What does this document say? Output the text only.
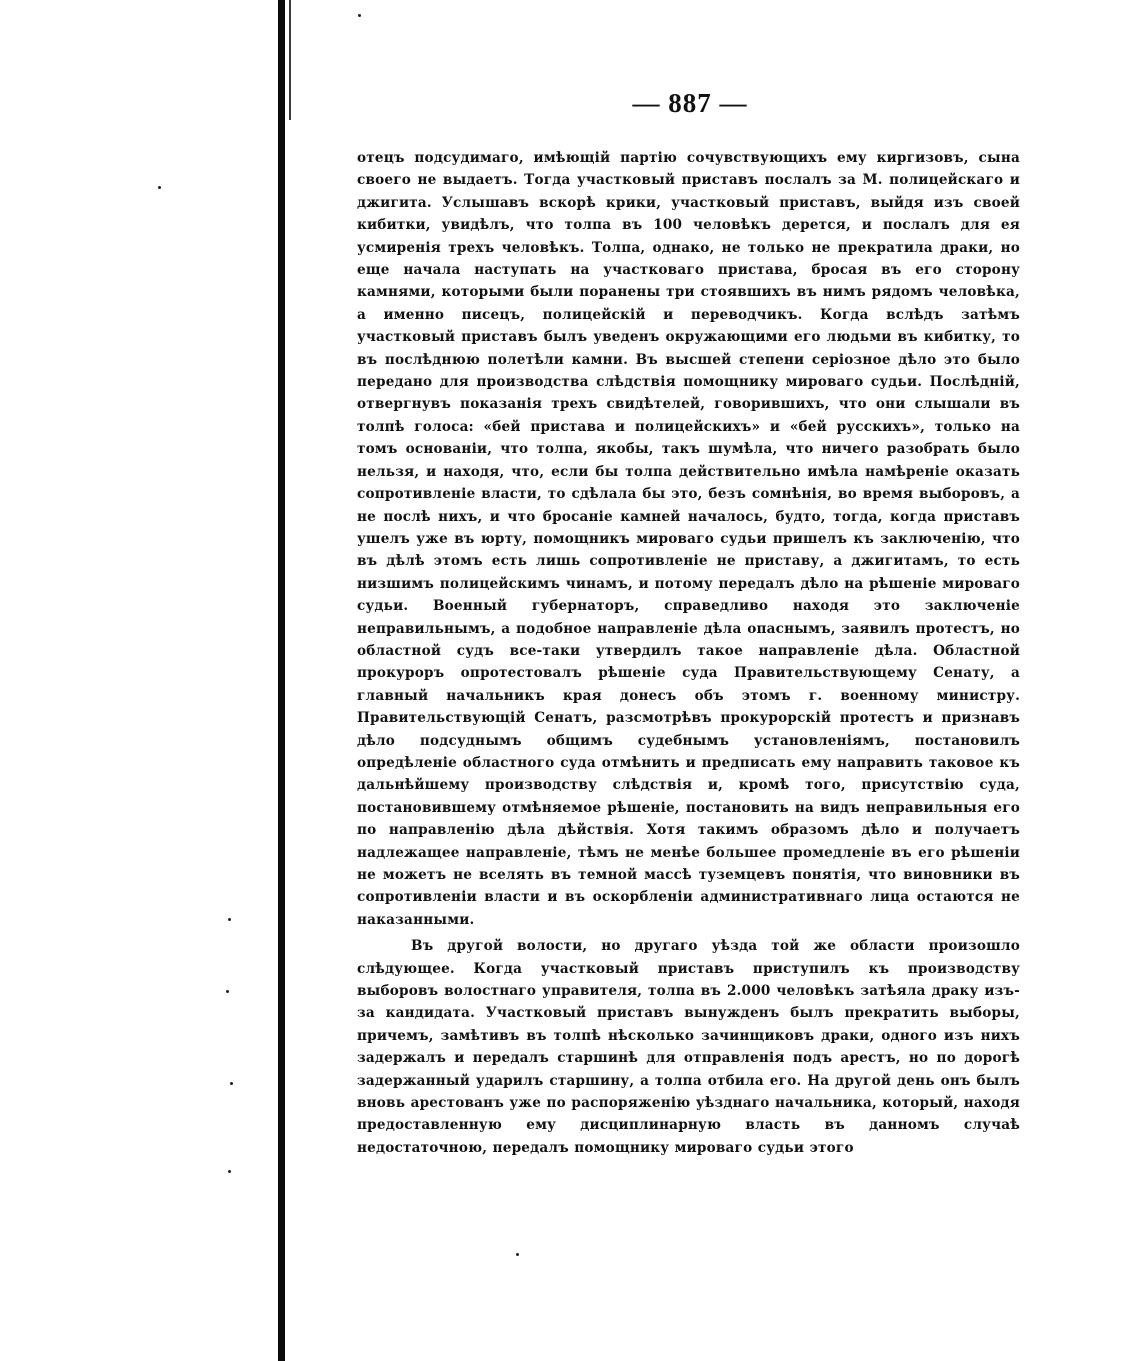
— 887 —

отецъ подсудимаго, имѣющій партію сочувствующихъ ему киргизовъ, сына своего не выдаетъ. Тогда участковый приставъ послалъ за М. полицейскаго и джигита. Услышавъ вскорѣ крики, участковый приставъ, выйдя изъ своей кибитки, увидѣлъ, что толпа въ 100 человѣкъ дерется, и послалъ для ея усмиренія трехъ человѣкъ. Толпа, однако, не только не прекратила драки, но еще начала наступать на участковаго пристава, бросая въ его сторону камнями, которыми были поранены три стоявшихъ въ нимъ рядомъ человѣка, а именно писецъ, полицейскій и переводчикъ. Когда вслѣдъ затѣмъ участковый приставъ былъ уведенъ окружающими его людьми въ кибитку, то въ послѣднюю полетѣли камни. Въ высшей степени серіозное дѣло это было передано для производства слѣдствія помощнику мироваго судьи. Послѣдній, отвергнувъ показанія трехъ свидѣтелей, говорившихъ, что они слышали въ толпѣ голоса: «бей пристава и полицейскихъ» и «бей русскихъ», только на томъ основаніи, что толпа, якобы, такъ шумѣла, что ничего разобрать было нельзя, и находя, что, если бы толпа действительно имѣла намѣреніе оказать сопротивленіе власти, то сдѣлала бы это, безъ сомнѣнія, во время выборовъ, а не послѣ нихъ, и что бросаніе камней началось, будто, тогда, когда приставъ ушелъ уже въ юрту, помощникъ мироваго судьи пришелъ къ заключенію, что въ дѣлѣ этомъ есть лишь сопротивленіе не приставу, а джигитамъ, то есть низшимъ полицейскимъ чинамъ, и потому передалъ дѣло на рѣшеніе мироваго судьи. Военный губернаторъ, справедливо находя это заключеніе неправильнымъ, а подобное направленіе дѣла опаснымъ, заявилъ протестъ, но областной судъ все-таки утвердилъ такое направленіе дѣла. Областной прокуроръ опротестовалъ рѣшеніе суда Правительствующему Сенату, а главный начальникъ края донесъ объ этомъ г. военному министру. Правительствующій Сенатъ, разсмотрѣвъ прокурорскій протестъ и признавъ дѣло подсуднымъ общимъ судебнымъ установленіямъ, постановилъ опредѣленіе областного суда отмѣнить и предписать ему направить таковое къ дальнѣйшему производству слѣдствія и, кромѣ того, присутствію суда, постановившему отмѣняемое рѣшеніе, постановить на видъ неправильныя его по направленію дѣла дѣйствія. Хотя такимъ образомъ дѣло и получаетъ надлежащее направленіе, тѣмъ не менѣе большее промедленіе въ его рѣшеніи не можетъ не вселять въ темной массѣ туземцевъ понятія, что виновники въ сопротивленіи власти и въ оскорбленіи административнаго лица остаются не наказанными.

Въ другой волости, но другаго уѣзда той же области произошло слѣдующее. Когда участковый приставъ приступилъ къ производству выборовъ волостнаго управителя, толпа въ 2.000 человѣкъ затѣяла драку изъ-за кандидата. Участковый приставъ вынужденъ былъ прекратить выборы, причемъ, замѣтивъ въ толпѣ нѣсколько зачинщиковъ драки, одного изъ нихъ задержалъ и передалъ старшинѣ для отправленія подъ арестъ, но по дорогѣ задержанный ударилъ старшину, а толпа отбила его. На другой день онъ былъ вновь арестованъ уже по распоряженію уѣзднаго начальника, который, находя предоставленную ему дисциплинарную власть въ данномъ случаѣ недостаточною, передалъ помощнику мироваго судьи этого
